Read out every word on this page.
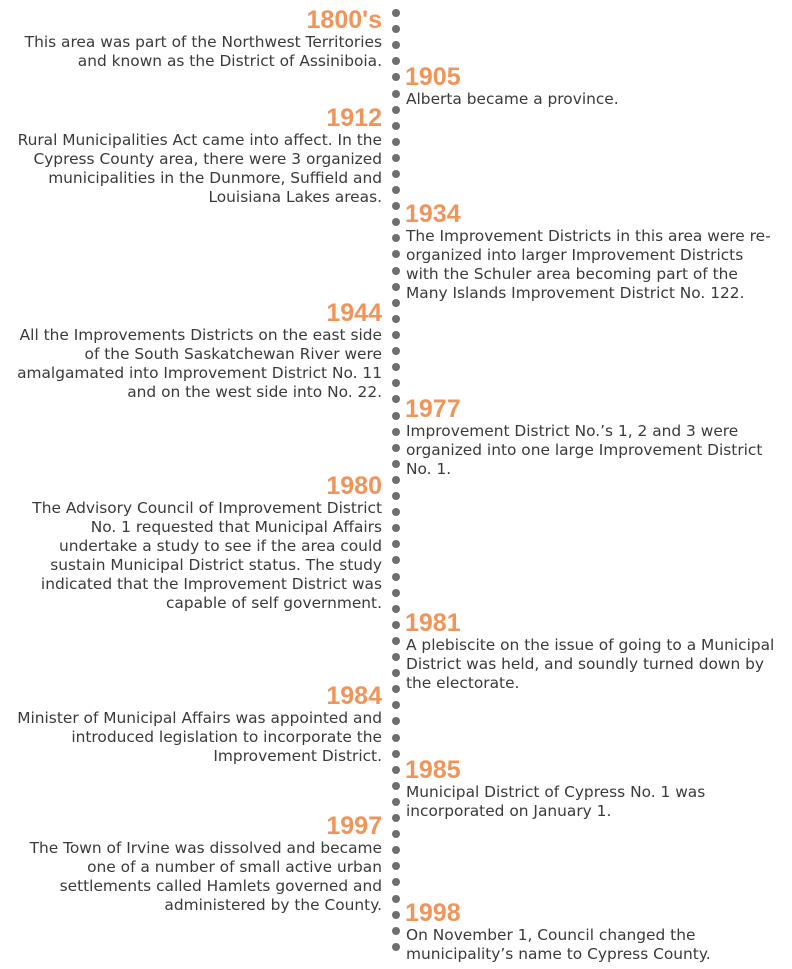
1800's
This area was part of the Northwest Territories and known as the District of Assiniboia.
1905
Alberta became a province.
1912
Rural Municipalities Act came into affect. In the Cypress County area, there were 3 organized municipalities in the Dunmore, Suffield and Louisiana Lakes areas.
1934
The Improvement Districts in this area were re-organized into larger Improvement Districts with the Schuler area becoming part of the Many Islands Improvement District No. 122.
1944
All the Improvements Districts on the east side of the South Saskatchewan River were amalgamated into Improvement District No. 11 and on the west side into No. 22.
1977
Improvement District No.’s 1, 2 and 3 were organized into one large Improvement District No. 1.
1980
The Advisory Council of Improvement District No. 1 requested that Municipal Affairs undertake a study to see if the area could sustain Municipal District status. The study indicated that the Improvement District was capable of self government.
1981
A plebiscite on the issue of going to a Municipal District was held, and soundly turned down by the electorate.
1984
Minister of Municipal Affairs was appointed and introduced legislation to incorporate the Improvement District. 1985
Municipal District of Cypress No. 1 was incorporated on January 1.
1997
The Town of Irvine was dissolved and became one of a number of small active urban settlements called Hamlets governed and administered by the County. 1998
On November 1, Council changed the municipality’s name to Cypress County.
